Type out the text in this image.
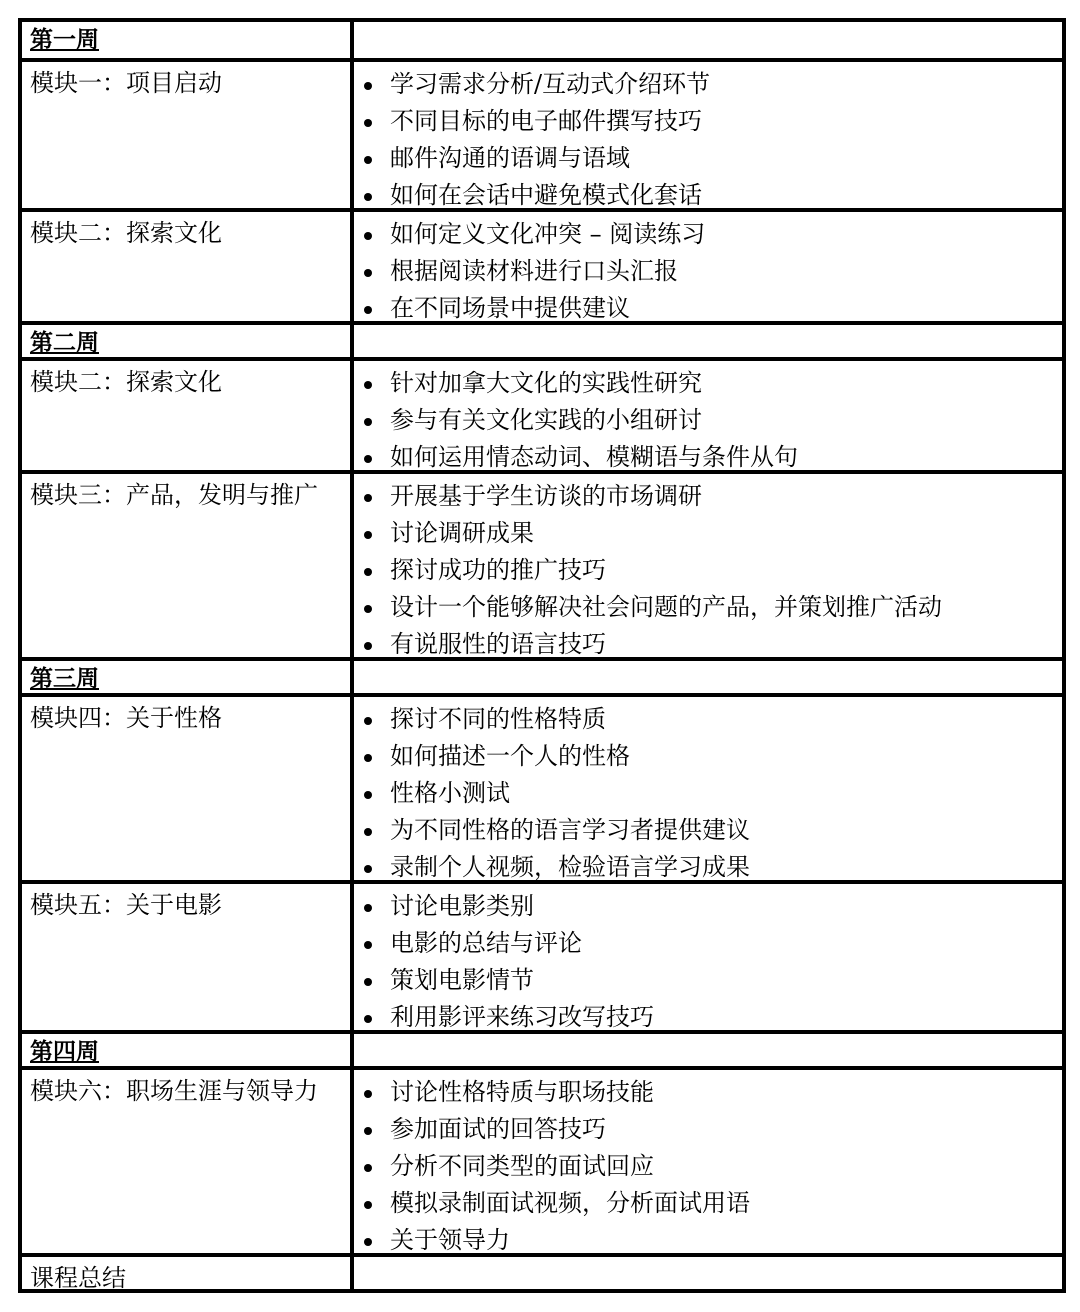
第一周
模块一：项目启动	学习需求分析/互动式介绍环节
不同目标的电子邮件撰写技巧
邮件沟通的语调与语域
如何在会话中避免模式化套话
模块二：探索文化	如何定义文化冲突 – 阅读练习
根据阅读材料进行口头汇报
在不同场景中提供建议
第二周
模块二：探索文化	针对加拿大文化的实践性研究
参与有关文化实践的小组研讨
如何运用情态动词、模糊语与条件从句
模块三：产品，发明与推广	开展基于学生访谈的市场调研
讨论调研成果
探讨成功的推广技巧
设计一个能够解决社会问题的产品，并策划推广活动
有说服性的语言技巧
第三周
模块四：关于性格	探讨不同的性格特质
如何描述一个人的性格
性格小测试
为不同性格的语言学习者提供建议
录制个人视频，检验语言学习成果
模块五：关于电影	讨论电影类别
电影的总结与评论
策划电影情节
利用影评来练习改写技巧
第四周
模块六：职场生涯与领导力	讨论性格特质与职场技能
参加面试的回答技巧
分析不同类型的面试回应
模拟录制面试视频，分析面试用语
关于领导力
课程总结
